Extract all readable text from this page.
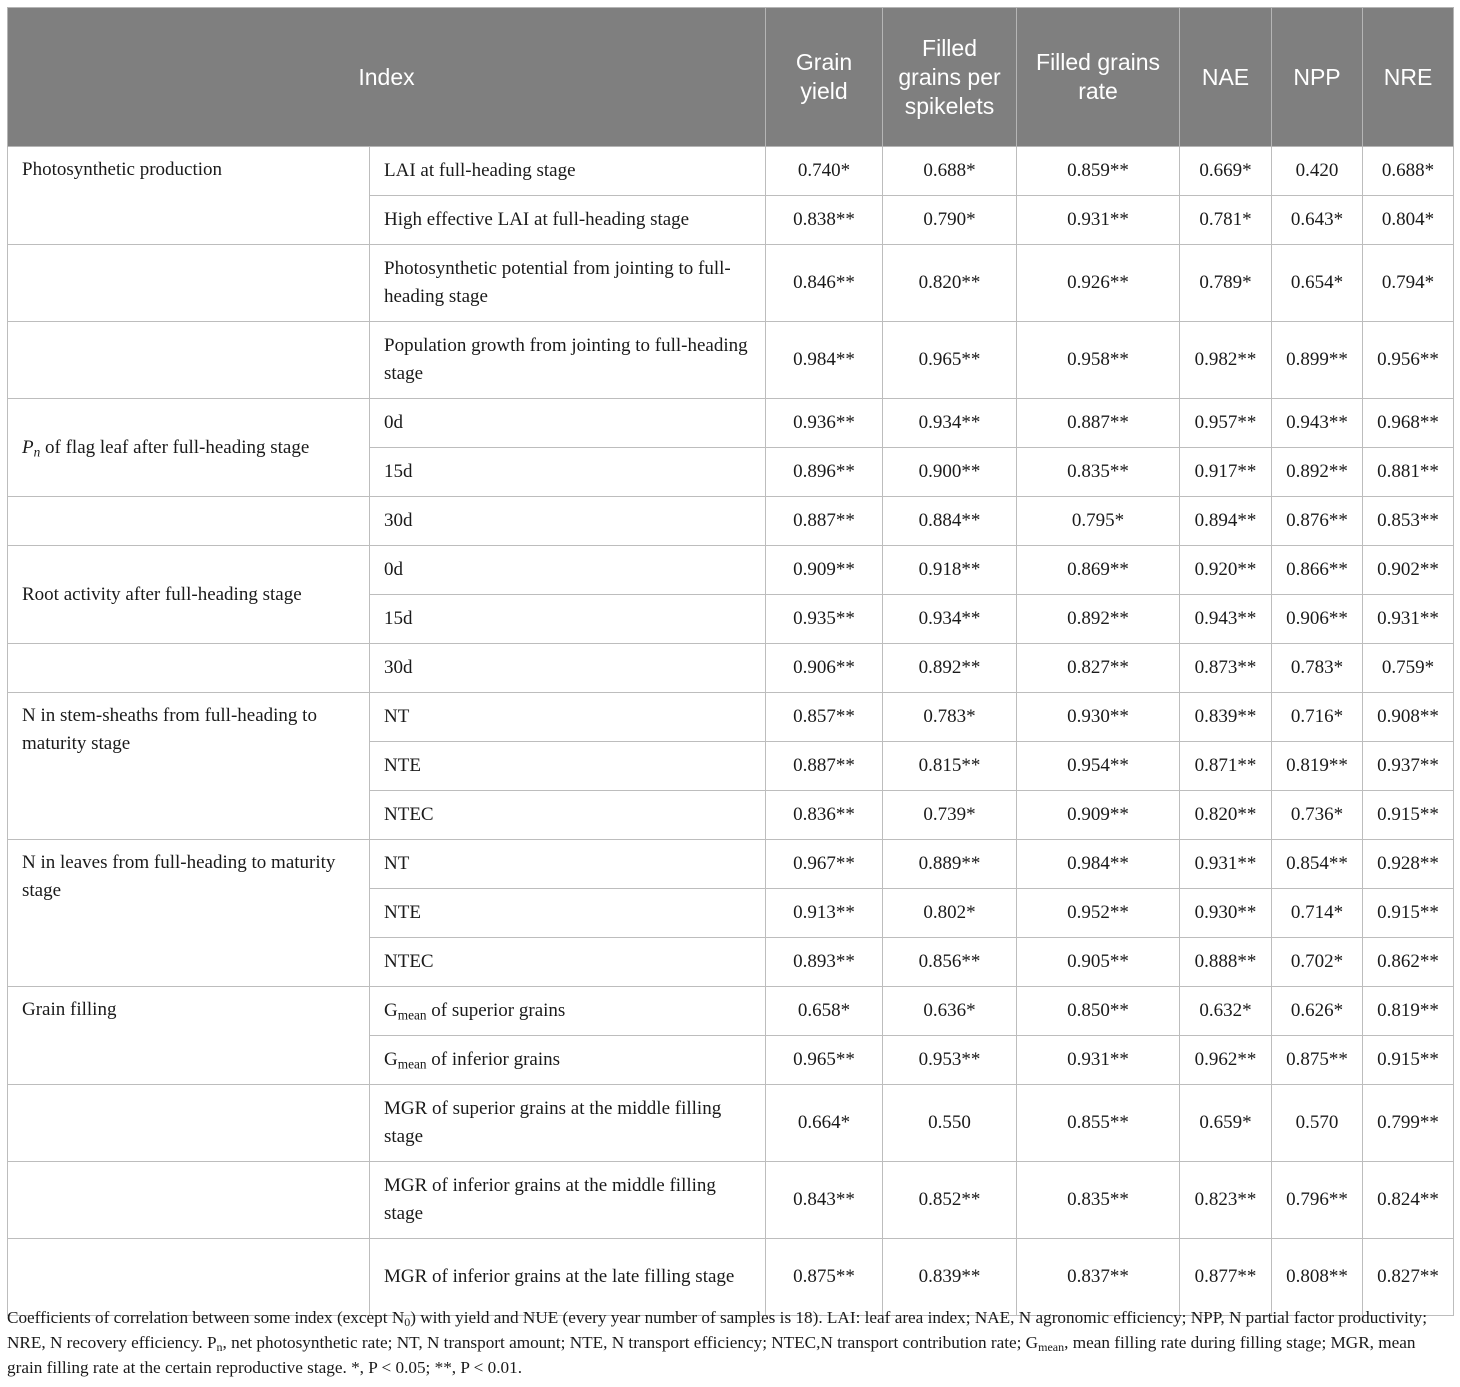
Index		Grain yield	Filled grains per spikelets	Filled grains rate	NAE	NPP	NRE
Photosynthetic production	LAI at full-heading stage	0.740*	0.688*	0.859**	0.669*	0.420	0.688*
	High effective LAI at full-heading stage	0.838**	0.790*	0.931**	0.781*	0.643*	0.804*
	Photosynthetic potential from jointing to full-heading stage	0.846**	0.820**	0.926**	0.789*	0.654*	0.794*
	Population growth from jointing to full-heading stage	0.984**	0.965**	0.958**	0.982**	0.899**	0.956**
$P_n$ of flag leaf after full-heading stage	0d	0.936**	0.934**	0.887**	0.957**	0.943**	0.968**
	15d	0.896**	0.900**	0.835**	0.917**	0.892**	0.881**
	30d	0.887**	0.884**	0.795*	0.894**	0.876**	0.853**
Root activity after full-heading stage	0d	0.909**	0.918**	0.869**	0.920**	0.866**	0.902**
	15d	0.935**	0.934**	0.892**	0.943**	0.906**	0.931**
	30d	0.906**	0.892**	0.827**	0.873**	0.783*	0.759*
N in stem-sheaths from full-heading to maturity stage	NT	0.857**	0.783*	0.930**	0.839**	0.716*	0.908**
	NTE	0.887**	0.815**	0.954**	0.871**	0.819**	0.937**
	NTEC	0.836**	0.739*	0.909**	0.820**	0.736*	0.915**
N in leaves from full-heading to maturity stage	NT	0.967**	0.889**	0.984**	0.931**	0.854**	0.928**
	NTE	0.913**	0.802*	0.952**	0.930**	0.714*	0.915**
	NTEC	0.893**	0.856**	0.905**	0.888**	0.702*	0.862**
Grain filling	$G_{mean}$ of superior grains	0.658*	0.636*	0.850**	0.632*	0.626*	0.819**
	$G_{mean}$ of inferior grains	0.965**	0.953**	0.931**	0.962**	0.875**	0.915**
	MGR of superior grains at the middle filling stage	0.664*	0.550	0.855**	0.659*	0.570	0.799**
	MGR of inferior grains at the middle filling stage	0.843**	0.852**	0.835**	0.823**	0.796**	0.824**
	MGR of inferior grains at the late filling stage	0.875**	0.839**	0.837**	0.877**	0.808**	0.827**
Coefficients of correlation between some index (except $N_0$) with yield and NUE (every year number of samples is 18). LAI: leaf area index; NAE, N agronomic efficiency; NPP, N partial factor productivity; NRE, N recovery efficiency. $P_n$, net photosynthetic rate; NT, N transport amount; NTE, N transport efficiency; NTEC,N transport contribution rate; $G_{mean}$, mean filling rate during filling stage; MGR, mean grain filling rate at the certain reproductive stage. *, P < 0.05; **, P < 0.01.
